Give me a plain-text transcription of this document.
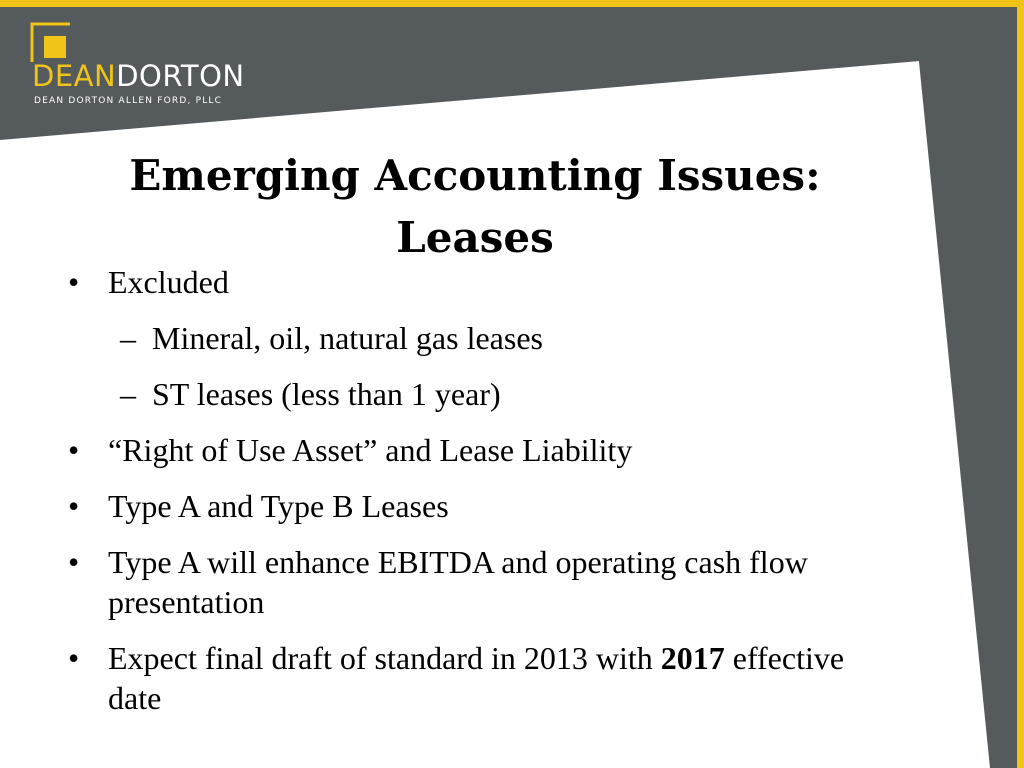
DEANDORTON
DEAN DORTON ALLEN FORD, PLLC
Emerging Accounting Issues:
Leases
• Excluded
– Mineral, oil, natural gas leases
– ST leases (less than 1 year)
• “Right of Use Asset” and Lease Liability
• Type A and Type B Leases
• Type A will enhance EBITDA and operating cash flow presentation
• Expect final draft of standard in 2013 with 2017 effective date
